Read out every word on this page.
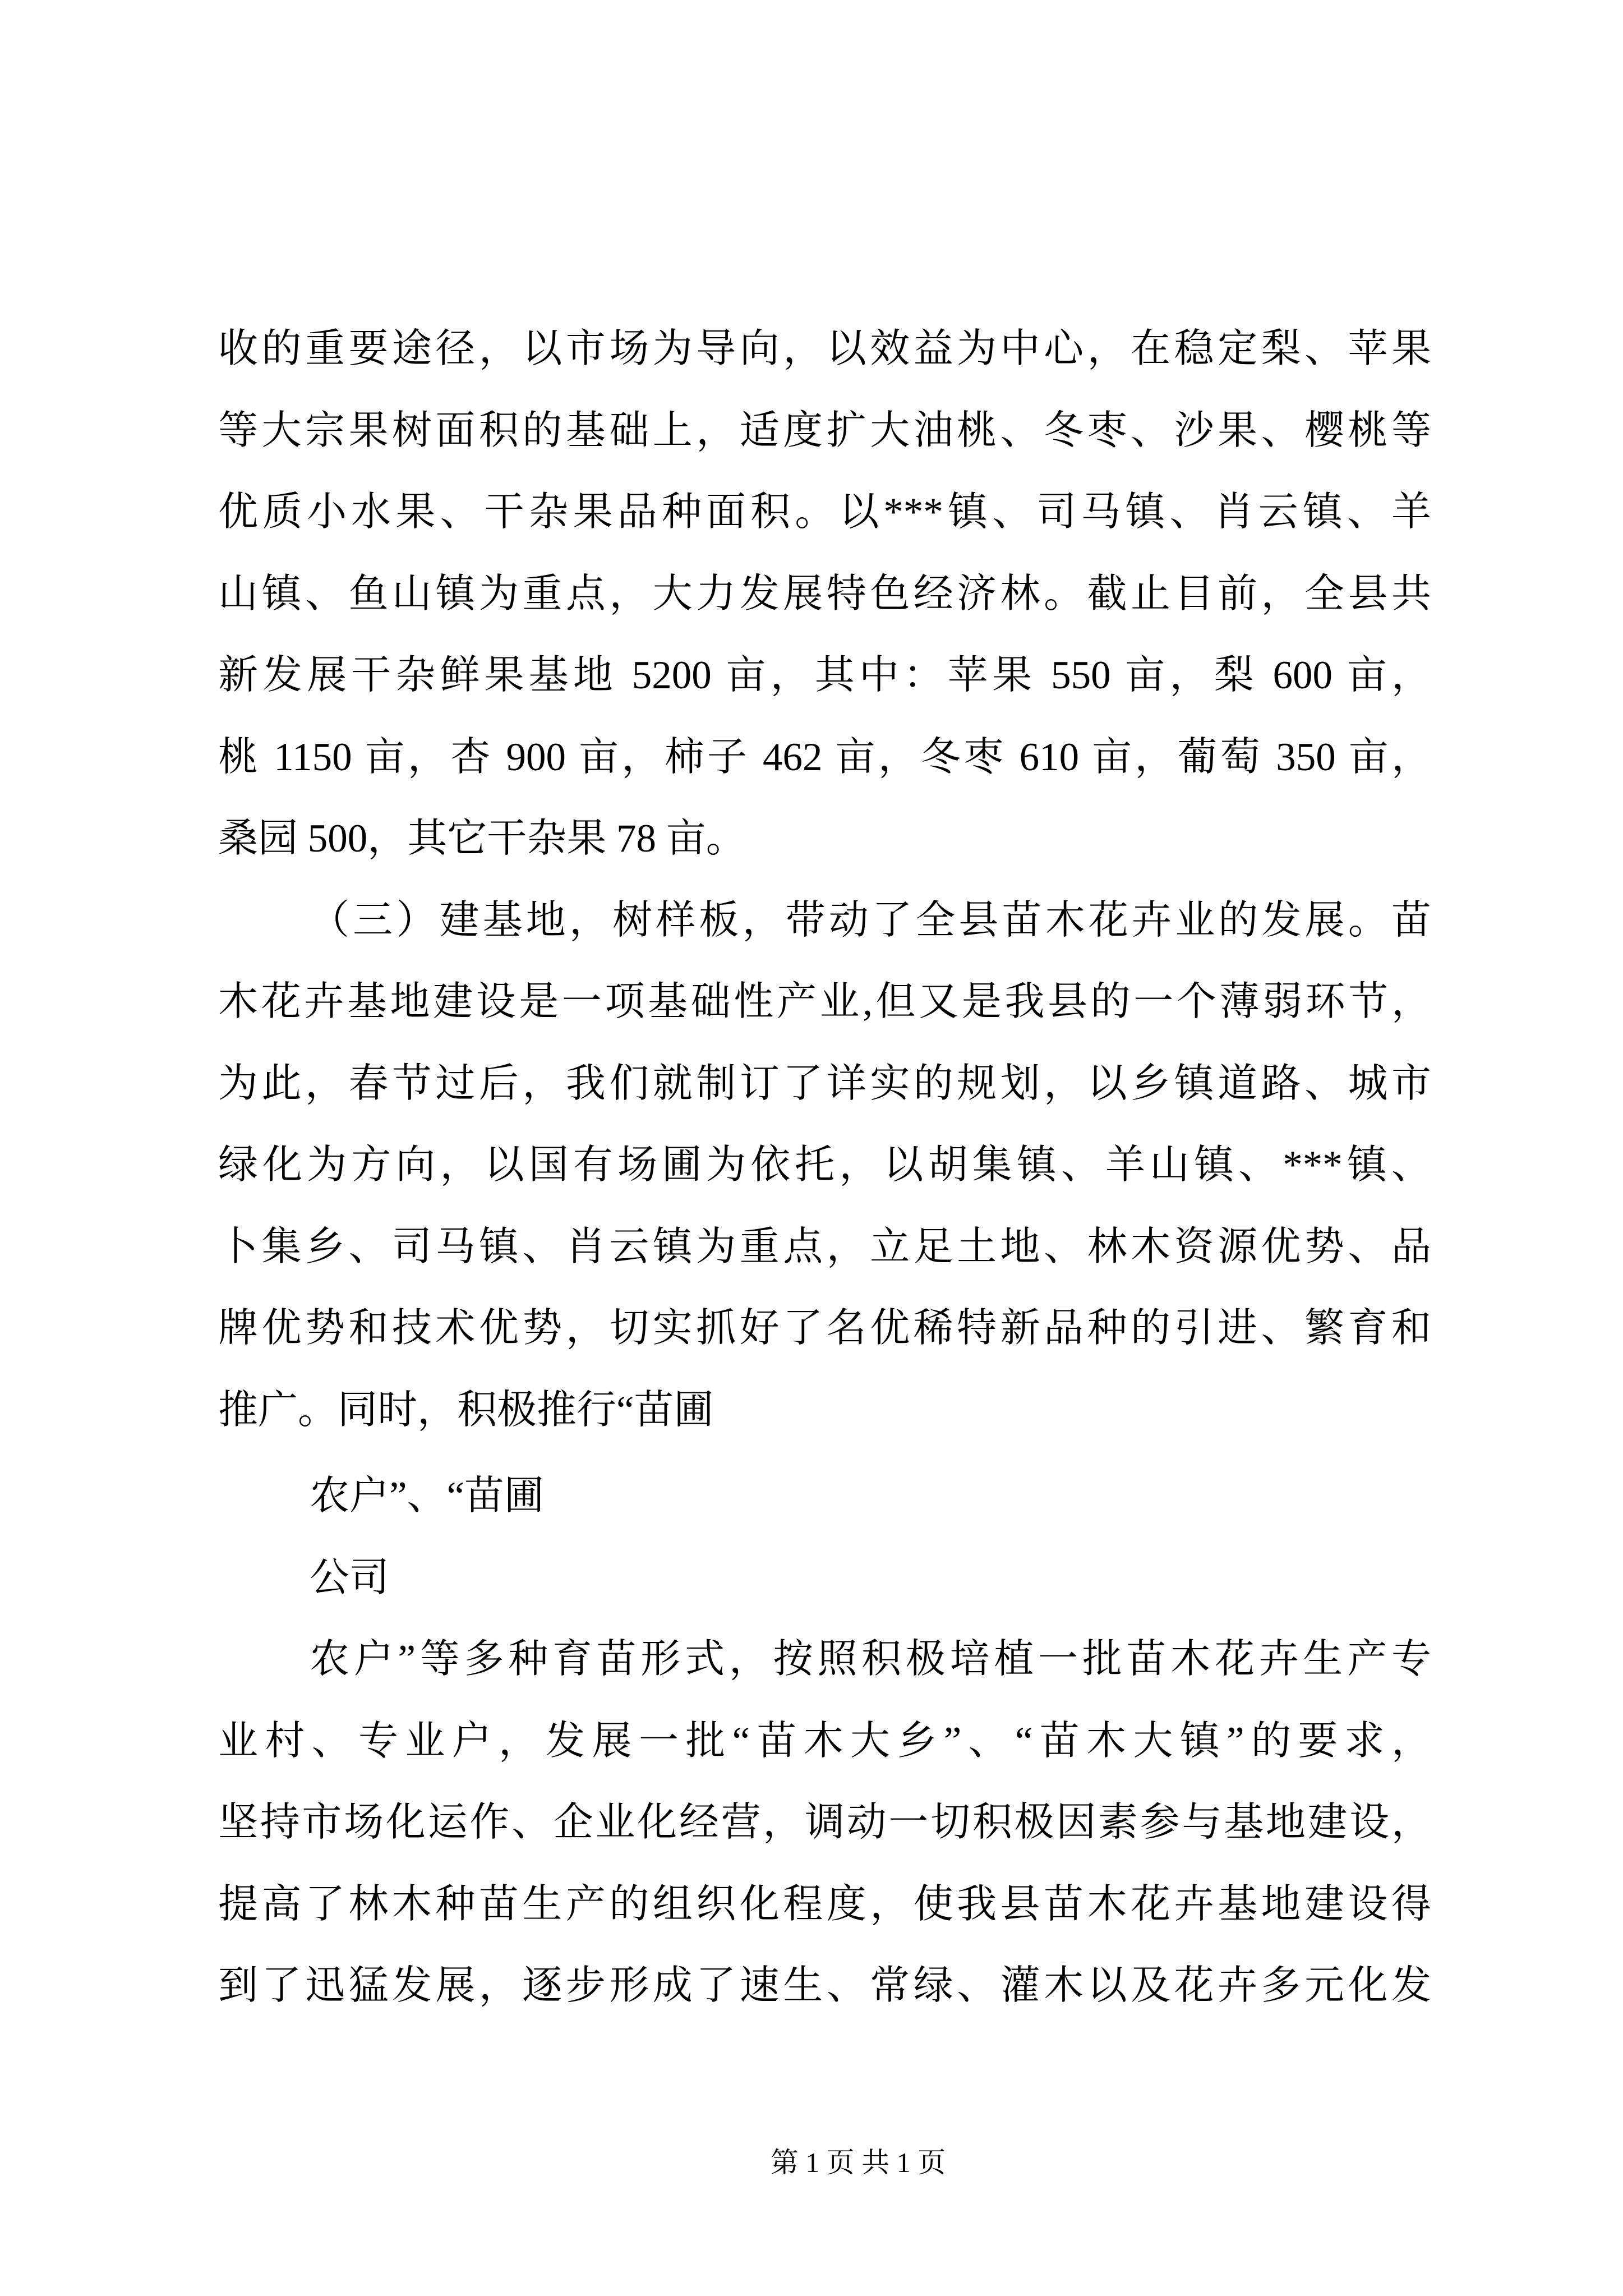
收的重要途径，以市场为导向，以效益为中心，在稳定梨、苹果
等大宗果树面积的基础上，适度扩大油桃、冬枣、沙果、樱桃等
优质小水果、干杂果品种面积。以***镇、司马镇、肖云镇、羊
山镇、鱼山镇为重点，大力发展特色经济林。截止目前，全县共
新发展干杂鲜果基地 5200 亩，其中：苹果 550 亩，梨 600 亩，
桃 1150 亩，杏 900 亩，柿子 462 亩，冬枣 610 亩，葡萄 350 亩，
桑园 500，其它干杂果 78 亩。
（三）建基地，树样板，带动了全县苗木花卉业的发展。苗
木花卉基地建设是一项基础性产业,但又是我县的一个薄弱环节，
为此，春节过后，我们就制订了详实的规划，以乡镇道路、城市
绿化为方向，以国有场圃为依托，以胡集镇、羊山镇、***镇、
卜集乡、司马镇、肖云镇为重点，立足土地、林木资源优势、品
牌优势和技术优势，切实抓好了名优稀特新品种的引进、繁育和
推广。同时，积极推行“苗圃
农户”、“苗圃
公司
农户”等多种育苗形式，按照积极培植一批苗木花卉生产专
业村、专业户，发展一批“苗木大乡”、“苗木大镇”的要求，
坚持市场化运作、企业化经营，调动一切积极因素参与基地建设，
提高了林木种苗生产的组织化程度，使我县苗木花卉基地建设得
到了迅猛发展，逐步形成了速生、常绿、灌木以及花卉多元化发
第 1 页 共 1 页
